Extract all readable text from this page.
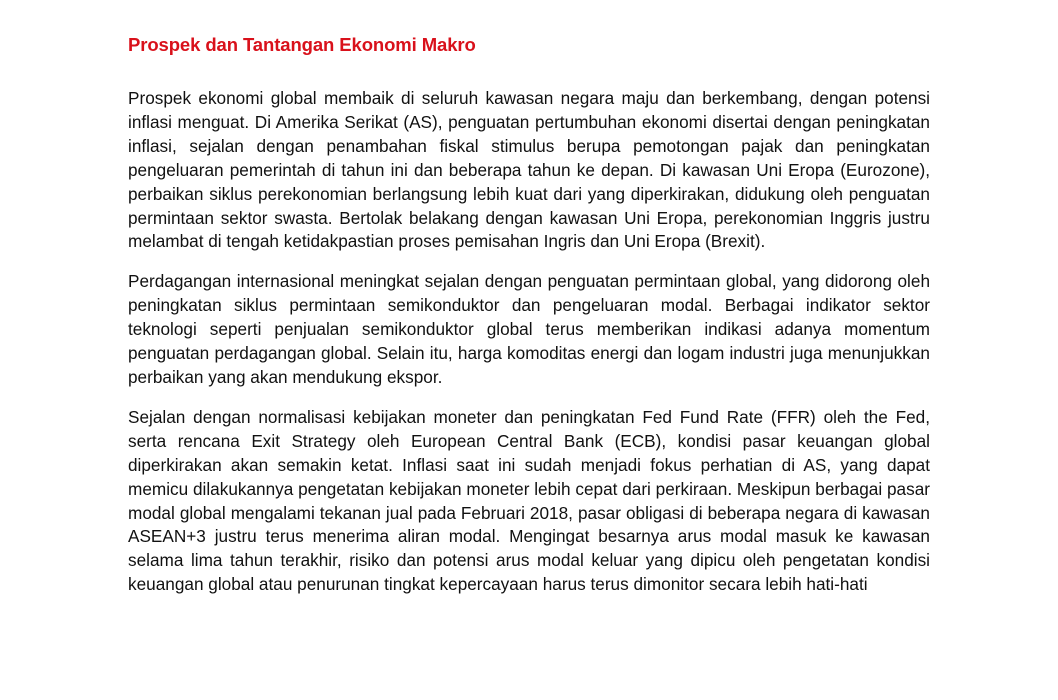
Prospek dan Tantangan Ekonomi Makro

Prospek ekonomi global membaik di seluruh kawasan negara maju dan berkembang, dengan potensi inflasi menguat. Di Amerika Serikat (AS), penguatan pertumbuhan ekonomi disertai dengan peningkatan inflasi, sejalan dengan penambahan fiskal stimulus berupa pemotongan pajak dan peningkatan pengeluaran pemerintah di tahun ini dan beberapa tahun ke depan. Di kawasan Uni Eropa (Eurozone), perbaikan siklus perekonomian berlangsung lebih kuat dari yang diperkirakan, didukung oleh penguatan permintaan sektor swasta. Bertolak belakang dengan kawasan Uni Eropa, perekonomian Inggris justru melambat di tengah ketidakpastian proses pemisahan Ingris dan Uni Eropa (Brexit).

Perdagangan internasional meningkat sejalan dengan penguatan permintaan global, yang didorong oleh peningkatan siklus permintaan semikonduktor dan pengeluaran modal. Berbagai indikator sektor teknologi seperti penjualan semikonduktor global terus memberikan indikasi adanya momentum penguatan perdagangan global. Selain itu, harga komoditas energi dan logam industri juga menunjukkan perbaikan yang akan mendukung ekspor.

Sejalan dengan normalisasi kebijakan moneter dan peningkatan Fed Fund Rate (FFR) oleh the Fed, serta rencana Exit Strategy oleh European Central Bank (ECB), kondisi pasar keuangan global diperkirakan akan semakin ketat. Inflasi saat ini sudah menjadi fokus perhatian di AS, yang dapat memicu dilakukannya pengetatan kebijakan moneter lebih cepat dari perkiraan. Meskipun berbagai pasar modal global mengalami tekanan jual pada Februari 2018, pasar obligasi di beberapa negara di kawasan ASEAN+3 justru terus menerima aliran modal. Mengingat besarnya arus modal masuk ke kawasan selama lima tahun terakhir, risiko dan potensi arus modal keluar yang dipicu oleh pengetatan kondisi keuangan global atau penurunan tingkat kepercayaan harus terus dimonitor secara lebih hati-hati
